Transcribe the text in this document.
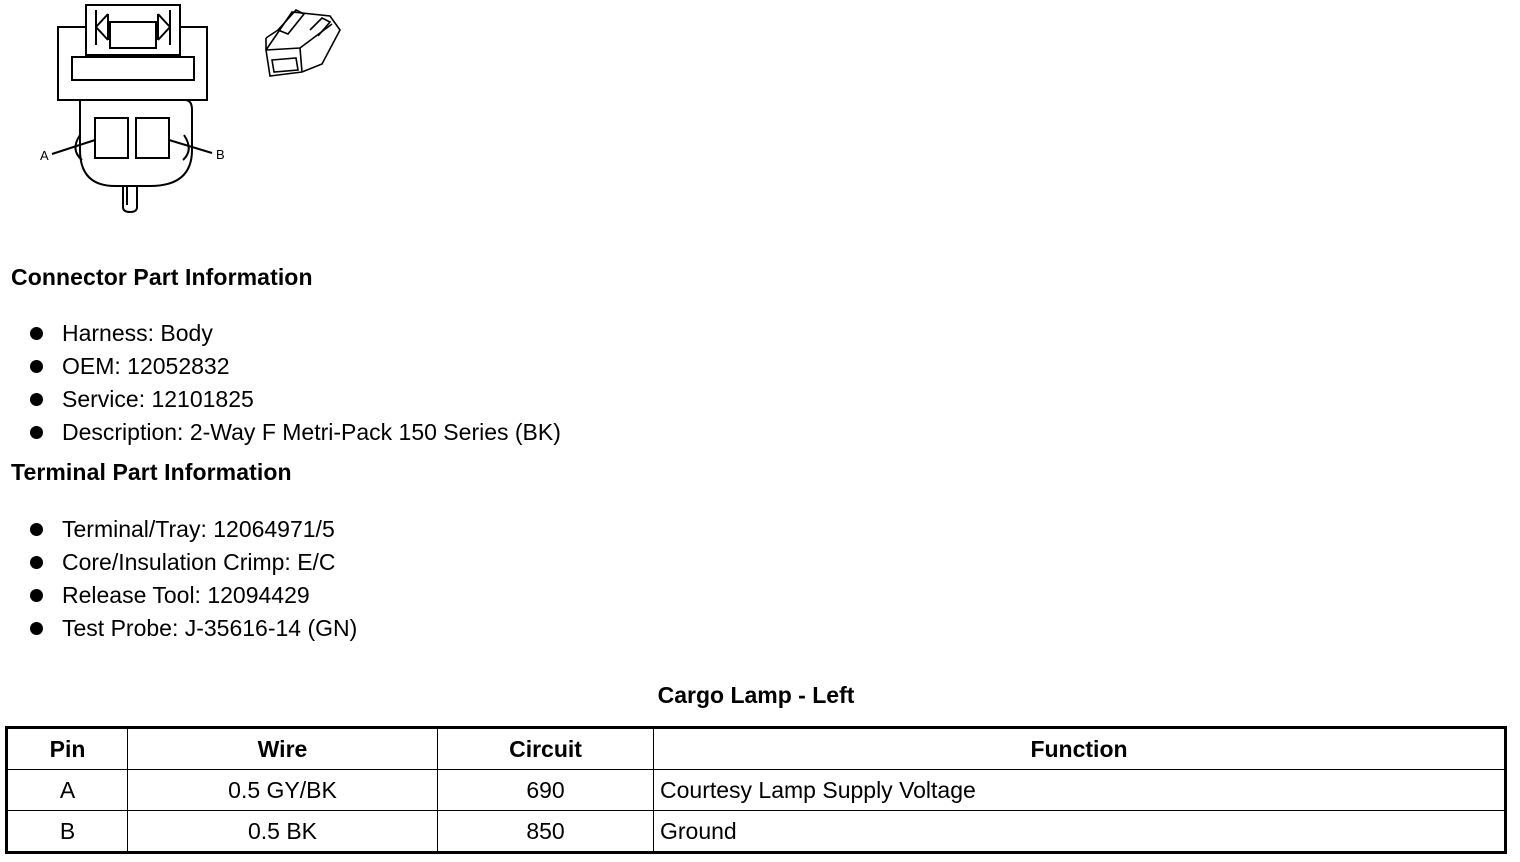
A	B
Connector Part Information
Harness: Body
OEM: 12052832
Service: 12101825
Description: 2-Way F Metri-Pack 150 Series (BK)
Terminal Part Information
Terminal/Tray: 12064971/5
Core/Insulation Crimp: E/C
Release Tool: 12094429
Test Probe: J-35616-14 (GN)
Cargo Lamp - Left
Pin	Wire	Circuit	Function
A	0.5 GY/BK	690	Courtesy Lamp Supply Voltage
B	0.5 BK	850	Ground
